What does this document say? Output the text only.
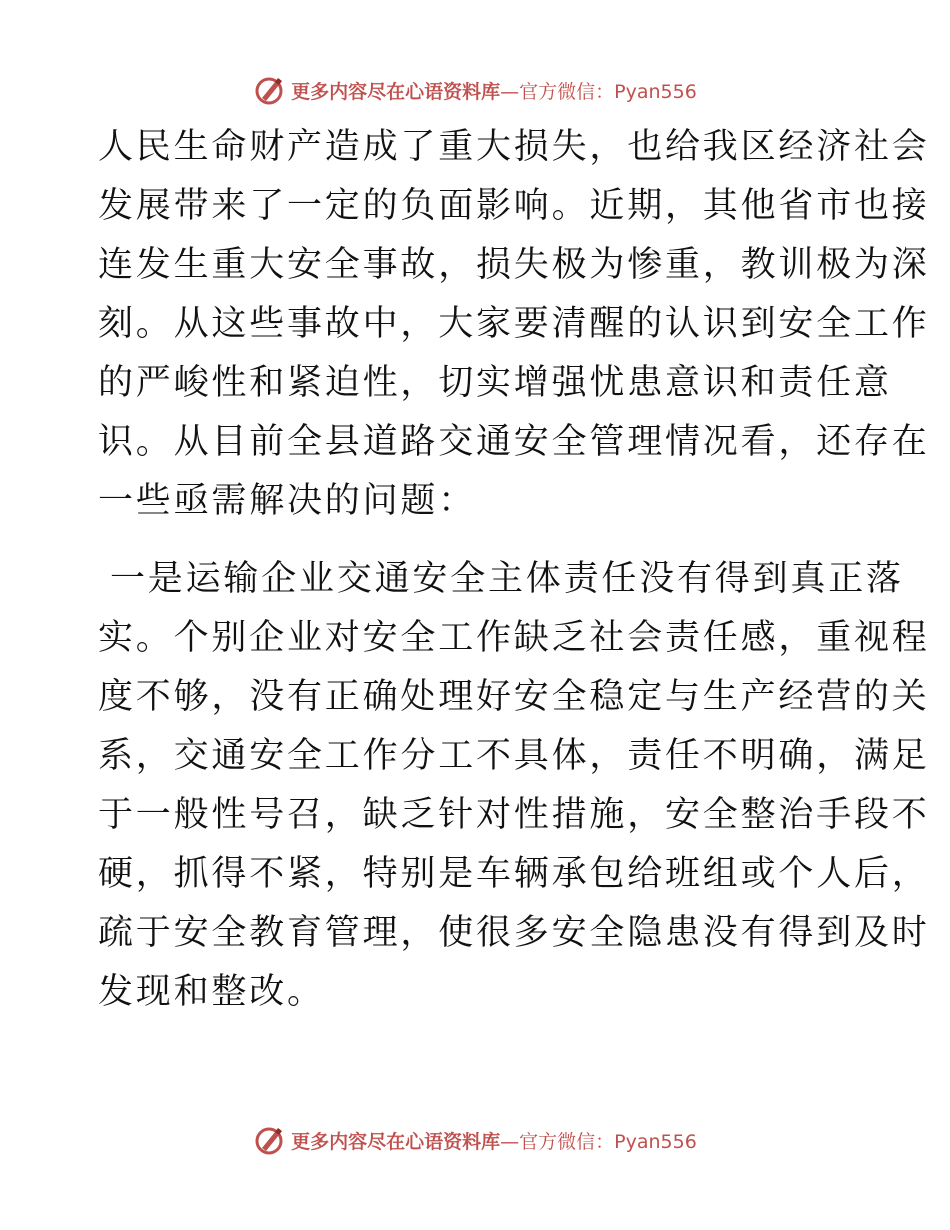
更多内容尽在心语资料库—官方微信：Pyan556
人民生命财产造成了重大损失，也给我区经济社会
发展带来了一定的负面影响。近期，其他省市也接
连发生重大安全事故，损失极为惨重，教训极为深
刻。从这些事故中，大家要清醒的认识到安全工作
的严峻性和紧迫性，切实增强忧患意识和责任意
识。从目前全县道路交通安全管理情况看，还存在
一些亟需解决的问题：
一是运输企业交通安全主体责任没有得到真正落
实。个别企业对安全工作缺乏社会责任感，重视程
度不够，没有正确处理好安全稳定与生产经营的关
系，交通安全工作分工不具体，责任不明确，满足
于一般性号召，缺乏针对性措施，安全整治手段不
硬，抓得不紧，特别是车辆承包给班组或个人后，
疏于安全教育管理，使很多安全隐患没有得到及时
发现和整改。
更多内容尽在心语资料库—官方微信：Pyan556
